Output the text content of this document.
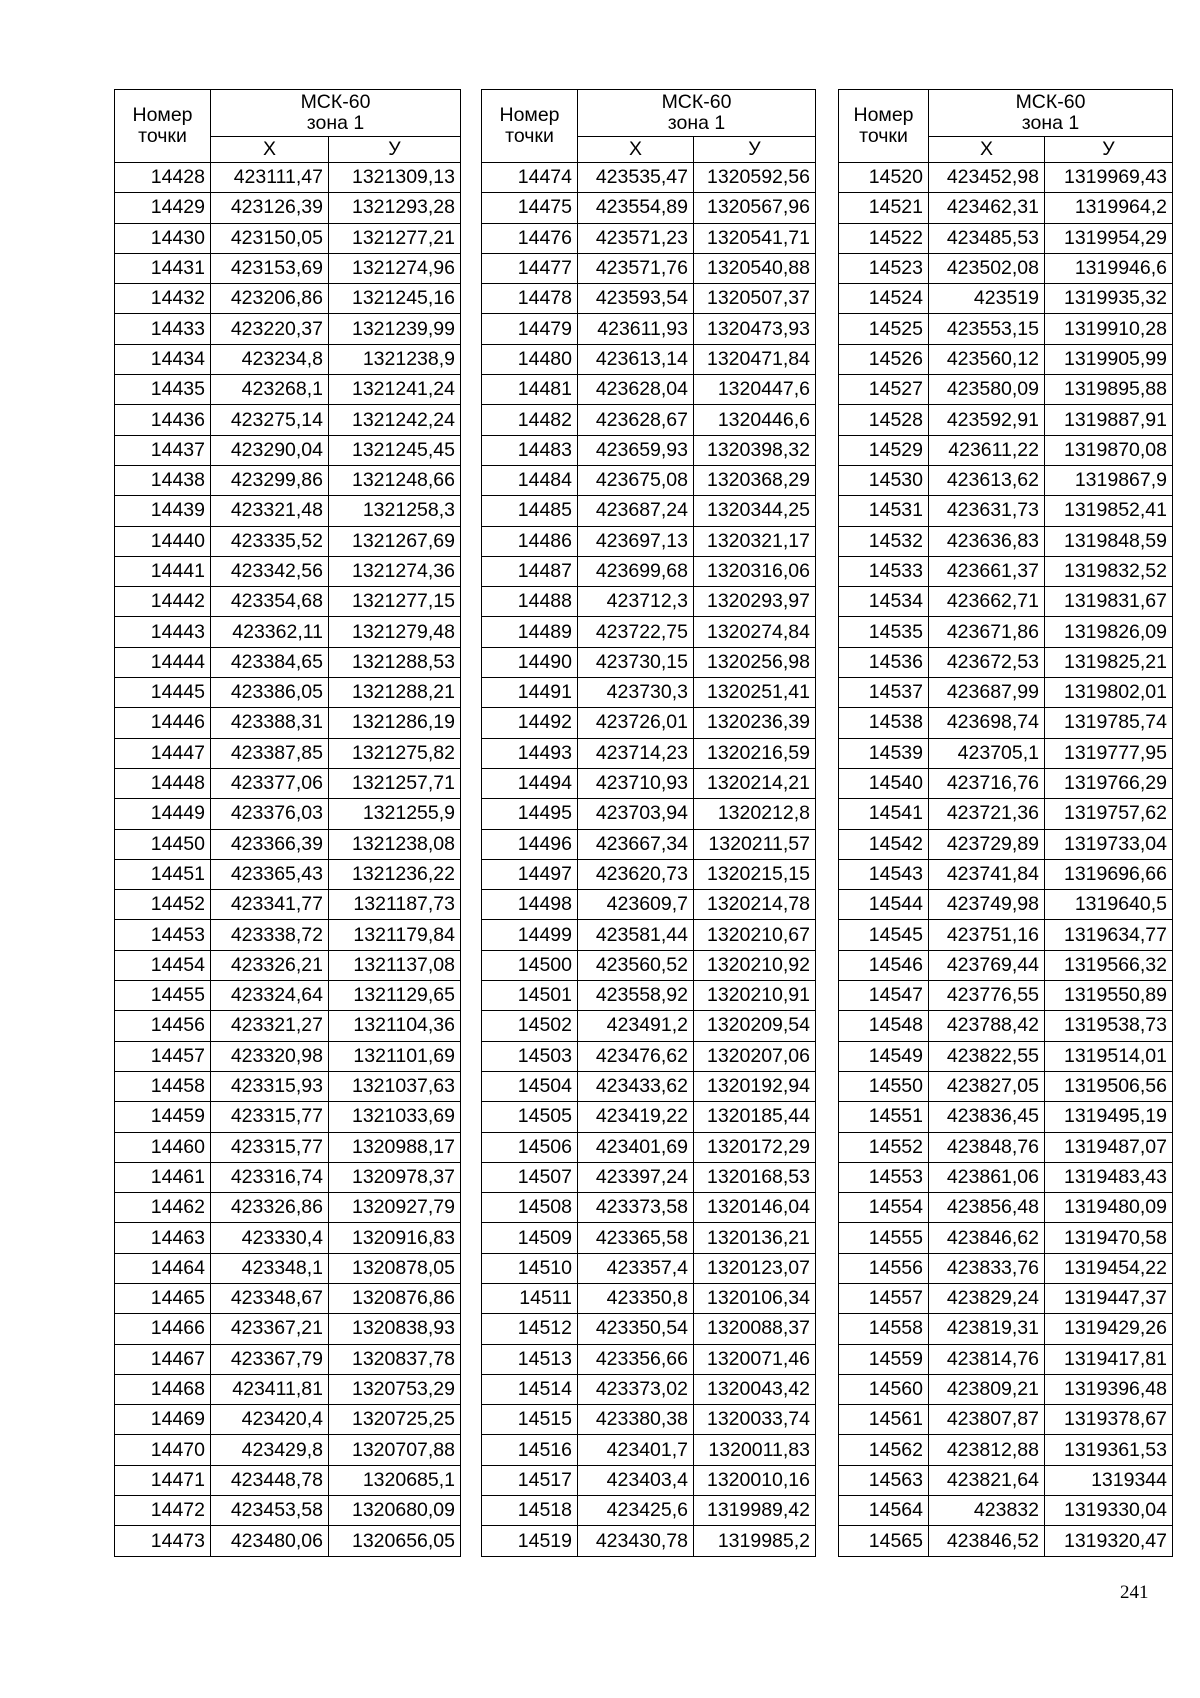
Номер
точки	МСК-60
зона 1	

	X	У
14428	423111,47	1321309,13
14429	423126,39	1321293,28
14430	423150,05	1321277,21
14431	423153,69	1321274,96
14432	423206,86	1321245,16
14433	423220,37	1321239,99
14434	423234,8	1321238,9
14435	423268,1	1321241,24
14436	423275,14	1321242,24
14437	423290,04	1321245,45
14438	423299,86	1321248,66
14439	423321,48	1321258,3
14440	423335,52	1321267,69
14441	423342,56	1321274,36
14442	423354,68	1321277,15
14443	423362,11	1321279,48
14444	423384,65	1321288,53
14445	423386,05	1321288,21
14446	423388,31	1321286,19
14447	423387,85	1321275,82
14448	423377,06	1321257,71
14449	423376,03	1321255,9
14450	423366,39	1321238,08
14451	423365,43	1321236,22
14452	423341,77	1321187,73
14453	423338,72	1321179,84
14454	423326,21	1321137,08
14455	423324,64	1321129,65
14456	423321,27	1321104,36
14457	423320,98	1321101,69
14458	423315,93	1321037,63
14459	423315,77	1321033,69
14460	423315,77	1320988,17
14461	423316,74	1320978,37
14462	423326,86	1320927,79
14463	423330,4	1320916,83
14464	423348,1	1320878,05
14465	423348,67	1320876,86
14466	423367,21	1320838,93
14467	423367,79	1320837,78
14468	423411,81	1320753,29
14469	423420,4	1320725,25
14470	423429,8	1320707,88
14471	423448,78	1320685,1
14472	423453,58	1320680,09
14473	423480,06	1320656,05
Номер
точки	МСК-60
зона 1	

	X	У
14474	423535,47	1320592,56
14475	423554,89	1320567,96
14476	423571,23	1320541,71
14477	423571,76	1320540,88
14478	423593,54	1320507,37
14479	423611,93	1320473,93
14480	423613,14	1320471,84
14481	423628,04	1320447,6
14482	423628,67	1320446,6
14483	423659,93	1320398,32
14484	423675,08	1320368,29
14485	423687,24	1320344,25
14486	423697,13	1320321,17
14487	423699,68	1320316,06
14488	423712,3	1320293,97
14489	423722,75	1320274,84
14490	423730,15	1320256,98
14491	423730,3	1320251,41
14492	423726,01	1320236,39
14493	423714,23	1320216,59
14494	423710,93	1320214,21
14495	423703,94	1320212,8
14496	423667,34	1320211,57
14497	423620,73	1320215,15
14498	423609,7	1320214,78
14499	423581,44	1320210,67
14500	423560,52	1320210,92
14501	423558,92	1320210,91
14502	423491,2	1320209,54
14503	423476,62	1320207,06
14504	423433,62	1320192,94
14505	423419,22	1320185,44
14506	423401,69	1320172,29
14507	423397,24	1320168,53
14508	423373,58	1320146,04
14509	423365,58	1320136,21
14510	423357,4	1320123,07
14511	423350,8	1320106,34
14512	423350,54	1320088,37
14513	423356,66	1320071,46
14514	423373,02	1320043,42
14515	423380,38	1320033,74
14516	423401,7	1320011,83
14517	423403,4	1320010,16
14518	423425,6	1319989,42
14519	423430,78	1319985,2
Номер
точки	МСК-60
зона 1	

	X	У
14520	423452,98	1319969,43
14521	423462,31	1319964,2
14522	423485,53	1319954,29
14523	423502,08	1319946,6
14524	423519	1319935,32
14525	423553,15	1319910,28
14526	423560,12	1319905,99
14527	423580,09	1319895,88
14528	423592,91	1319887,91
14529	423611,22	1319870,08
14530	423613,62	1319867,9
14531	423631,73	1319852,41
14532	423636,83	1319848,59
14533	423661,37	1319832,52
14534	423662,71	1319831,67
14535	423671,86	1319826,09
14536	423672,53	1319825,21
14537	423687,99	1319802,01
14538	423698,74	1319785,74
14539	423705,1	1319777,95
14540	423716,76	1319766,29
14541	423721,36	1319757,62
14542	423729,89	1319733,04
14543	423741,84	1319696,66
14544	423749,98	1319640,5
14545	423751,16	1319634,77
14546	423769,44	1319566,32
14547	423776,55	1319550,89
14548	423788,42	1319538,73
14549	423822,55	1319514,01
14550	423827,05	1319506,56
14551	423836,45	1319495,19
14552	423848,76	1319487,07
14553	423861,06	1319483,43
14554	423856,48	1319480,09
14555	423846,62	1319470,58
14556	423833,76	1319454,22
14557	423829,24	1319447,37
14558	423819,31	1319429,26
14559	423814,76	1319417,81
14560	423809,21	1319396,48
14561	423807,87	1319378,67
14562	423812,88	1319361,53
14563	423821,64	1319344
14564	423832	1319330,04
14565	423846,52	1319320,47
241
